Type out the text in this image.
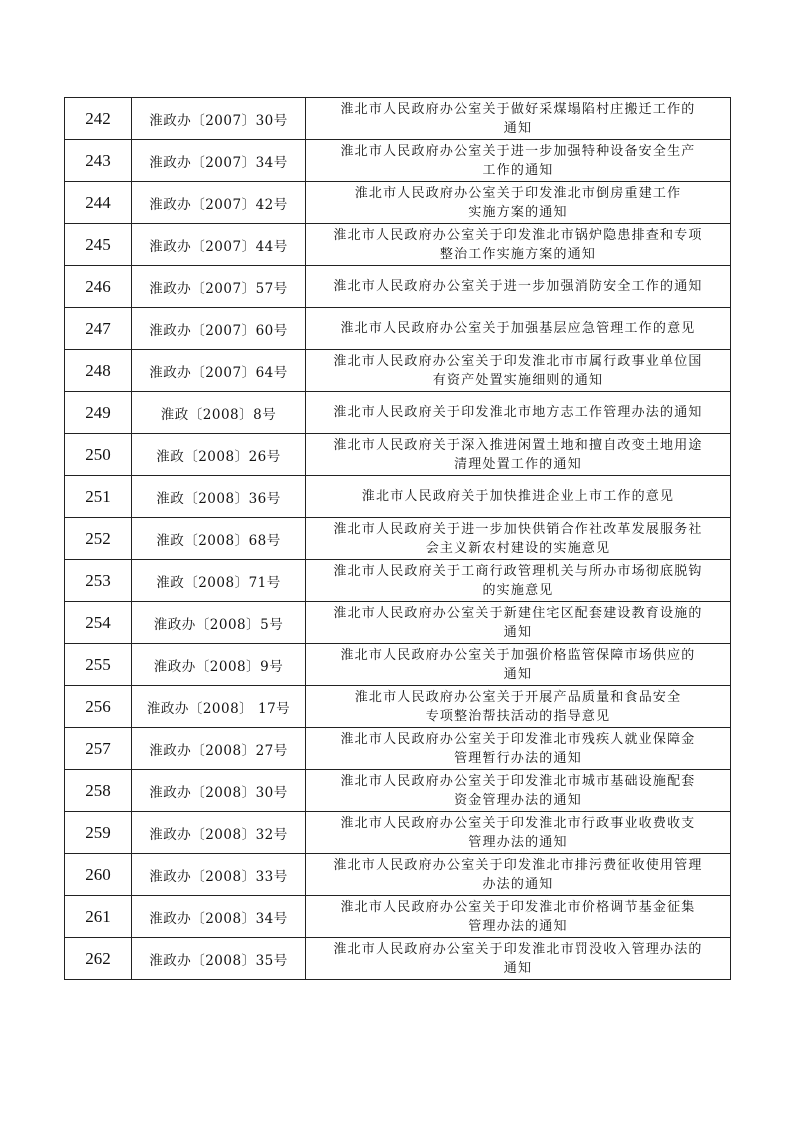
242	淮政办〔2007〕30号	淮北市人民政府办公室关于做好采煤塌陷村庄搬迁工作的
通知

243	淮政办〔2007〕34号	淮北市人民政府办公室关于进一步加强特种设备安全生产
工作的通知

244	淮政办〔2007〕42号	淮北市人民政府办公室关于印发淮北市倒房重建工作
实施方案的通知

245	淮政办〔2007〕44号	淮北市人民政府办公室关于印发淮北市锅炉隐患排查和专项
整治工作实施方案的通知

246	淮政办〔2007〕57号	淮北市人民政府办公室关于进一步加强消防安全工作的通知

247	淮政办〔2007〕60号	淮北市人民政府办公室关于加强基层应急管理工作的意见

248	淮政办〔2007〕64号	淮北市人民政府办公室关于印发淮北市市属行政事业单位国
有资产处置实施细则的通知

249	淮政〔2008〕8号	淮北市人民政府关于印发淮北市地方志工作管理办法的通知

250	淮政〔2008〕26号	淮北市人民政府关于深入推进闲置土地和擅自改变土地用途
清理处置工作的通知

251	淮政〔2008〕36号	淮北市人民政府关于加快推进企业上市工作的意见

252	淮政〔2008〕68号	淮北市人民政府关于进一步加快供销合作社改革发展服务社
会主义新农村建设的实施意见

253	淮政〔2008〕71号	淮北市人民政府关于工商行政管理机关与所办市场彻底脱钩
的实施意见

254	淮政办〔2008〕5号	淮北市人民政府办公室关于新建住宅区配套建设教育设施的
通知

255	淮政办〔2008〕9号	淮北市人民政府办公室关于加强价格监管保障市场供应的
通知

256	淮政办〔2008〕 17号	淮北市人民政府办公室关于开展产品质量和食品安全
专项整治帮扶活动的指导意见

257	淮政办〔2008〕27号	淮北市人民政府办公室关于印发淮北市残疾人就业保障金
管理暂行办法的通知

258	淮政办〔2008〕30号	淮北市人民政府办公室关于印发淮北市城市基础设施配套
资金管理办法的通知

259	淮政办〔2008〕32号	淮北市人民政府办公室关于印发淮北市行政事业收费收支
管理办法的通知

260	淮政办〔2008〕33号	淮北市人民政府办公室关于印发淮北市排污费征收使用管理
办法的通知

261	淮政办〔2008〕34号	淮北市人民政府办公室关于印发淮北市价格调节基金征集
管理办法的通知

262	淮政办〔2008〕35号	淮北市人民政府办公室关于印发淮北市罚没收入管理办法的
通知
